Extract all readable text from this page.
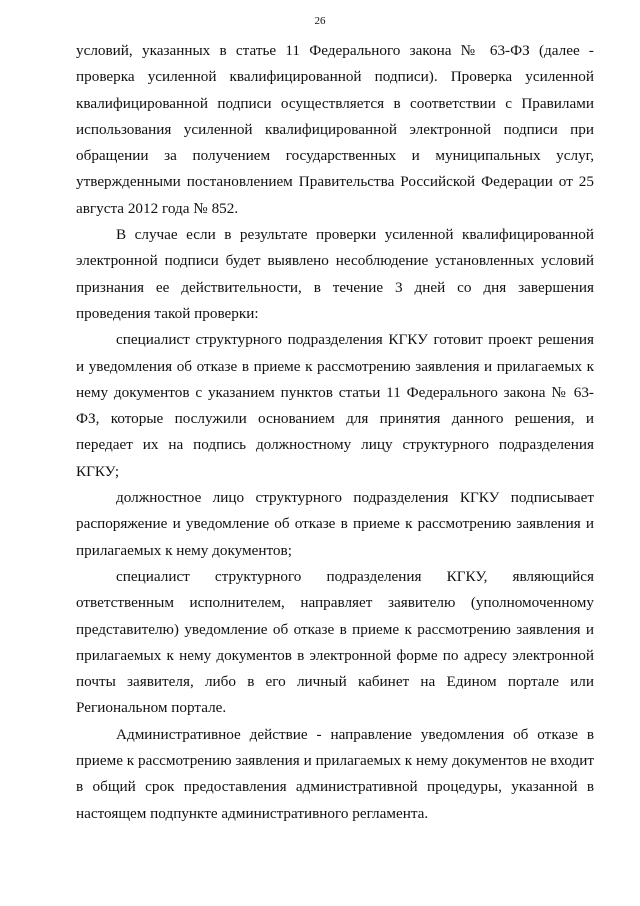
26

условий, указанных в статье 11 Федерального закона № 63-ФЗ (далее - проверка усиленной квалифицированной подписи). Проверка усиленной квалифицированной подписи осуществляется в соответствии с Правилами использования усиленной квалифицированной электронной подписи при обращении за получением государственных и муниципальных услуг, утвержденными постановлением Правительства Российской Федерации от 25 августа 2012 года № 852.

В случае если в результате проверки усиленной квалифицированной электронной подписи будет выявлено несоблюдение установленных условий признания ее действительности, в течение 3 дней со дня завершения проведения такой проверки:

специалист структурного подразделения КГКУ готовит проект решения и уведомления об отказе в приеме к рассмотрению заявления и прилагаемых к нему документов с указанием пунктов статьи 11 Федерального закона № 63-ФЗ, которые послужили основанием для принятия данного решения, и передает их на подпись должностному лицу структурного подразделения КГКУ;

должностное лицо структурного подразделения КГКУ подписывает распоряжение и уведомление об отказе в приеме к рассмотрению заявления и прилагаемых к нему документов;

специалист структурного подразделения КГКУ, являющийся ответственным исполнителем, направляет заявителю (уполномоченному представителю) уведомление об отказе в приеме к рассмотрению заявления и прилагаемых к нему документов в электронной форме по адресу электронной почты заявителя, либо в его личный кабинет на Едином портале или Региональном портале.

Административное действие - направление уведомления об отказе в приеме к рассмотрению заявления и прилагаемых к нему документов не входит в общий срок предоставления административной процедуры, указанной в настоящем подпункте административного регламента.
